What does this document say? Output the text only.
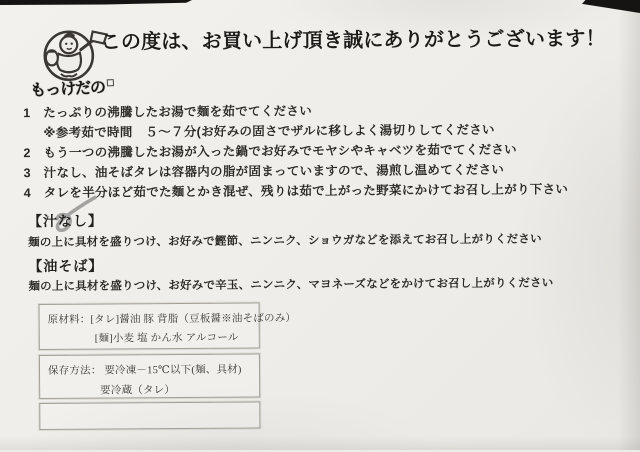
もっけだの
この度は、お買い上げ頂き誠にありがとうございます！
1 たっぷりの沸騰したお湯で麺を茹でてください
※参考茹で時間　５〜７分(お好みの固さでザルに移しよく湯切りしてください
2 もう一つの沸騰したお湯が入った鍋でお好みでモヤシやキャベツを茹でてください
3 汁なし、油そばタレは容器内の脂が固まっていますので、湯煎し温めてください
4 タレを半分ほど茹でた麺とかき混ぜ、残りは茹で上がった野菜にかけてお召し上がり下さい
【汁なし】

麺の上に具材を盛りつけ、お好みで鰹節、ニンニク、ショウガなどを添えてお召し上がりください

【油そば】

麺の上に具材を盛りつけ、お好みで辛玉、ニンニク、マヨネーズなどをかけてお召し上がりください

原材料：[タレ]醤油 豚 背脂（豆板醤※油そばのみ）
[麺]小麦 塩 かん水 アルコール
保存方法： 要冷凍－15℃以下(麺、具材)
要冷蔵（タレ）
